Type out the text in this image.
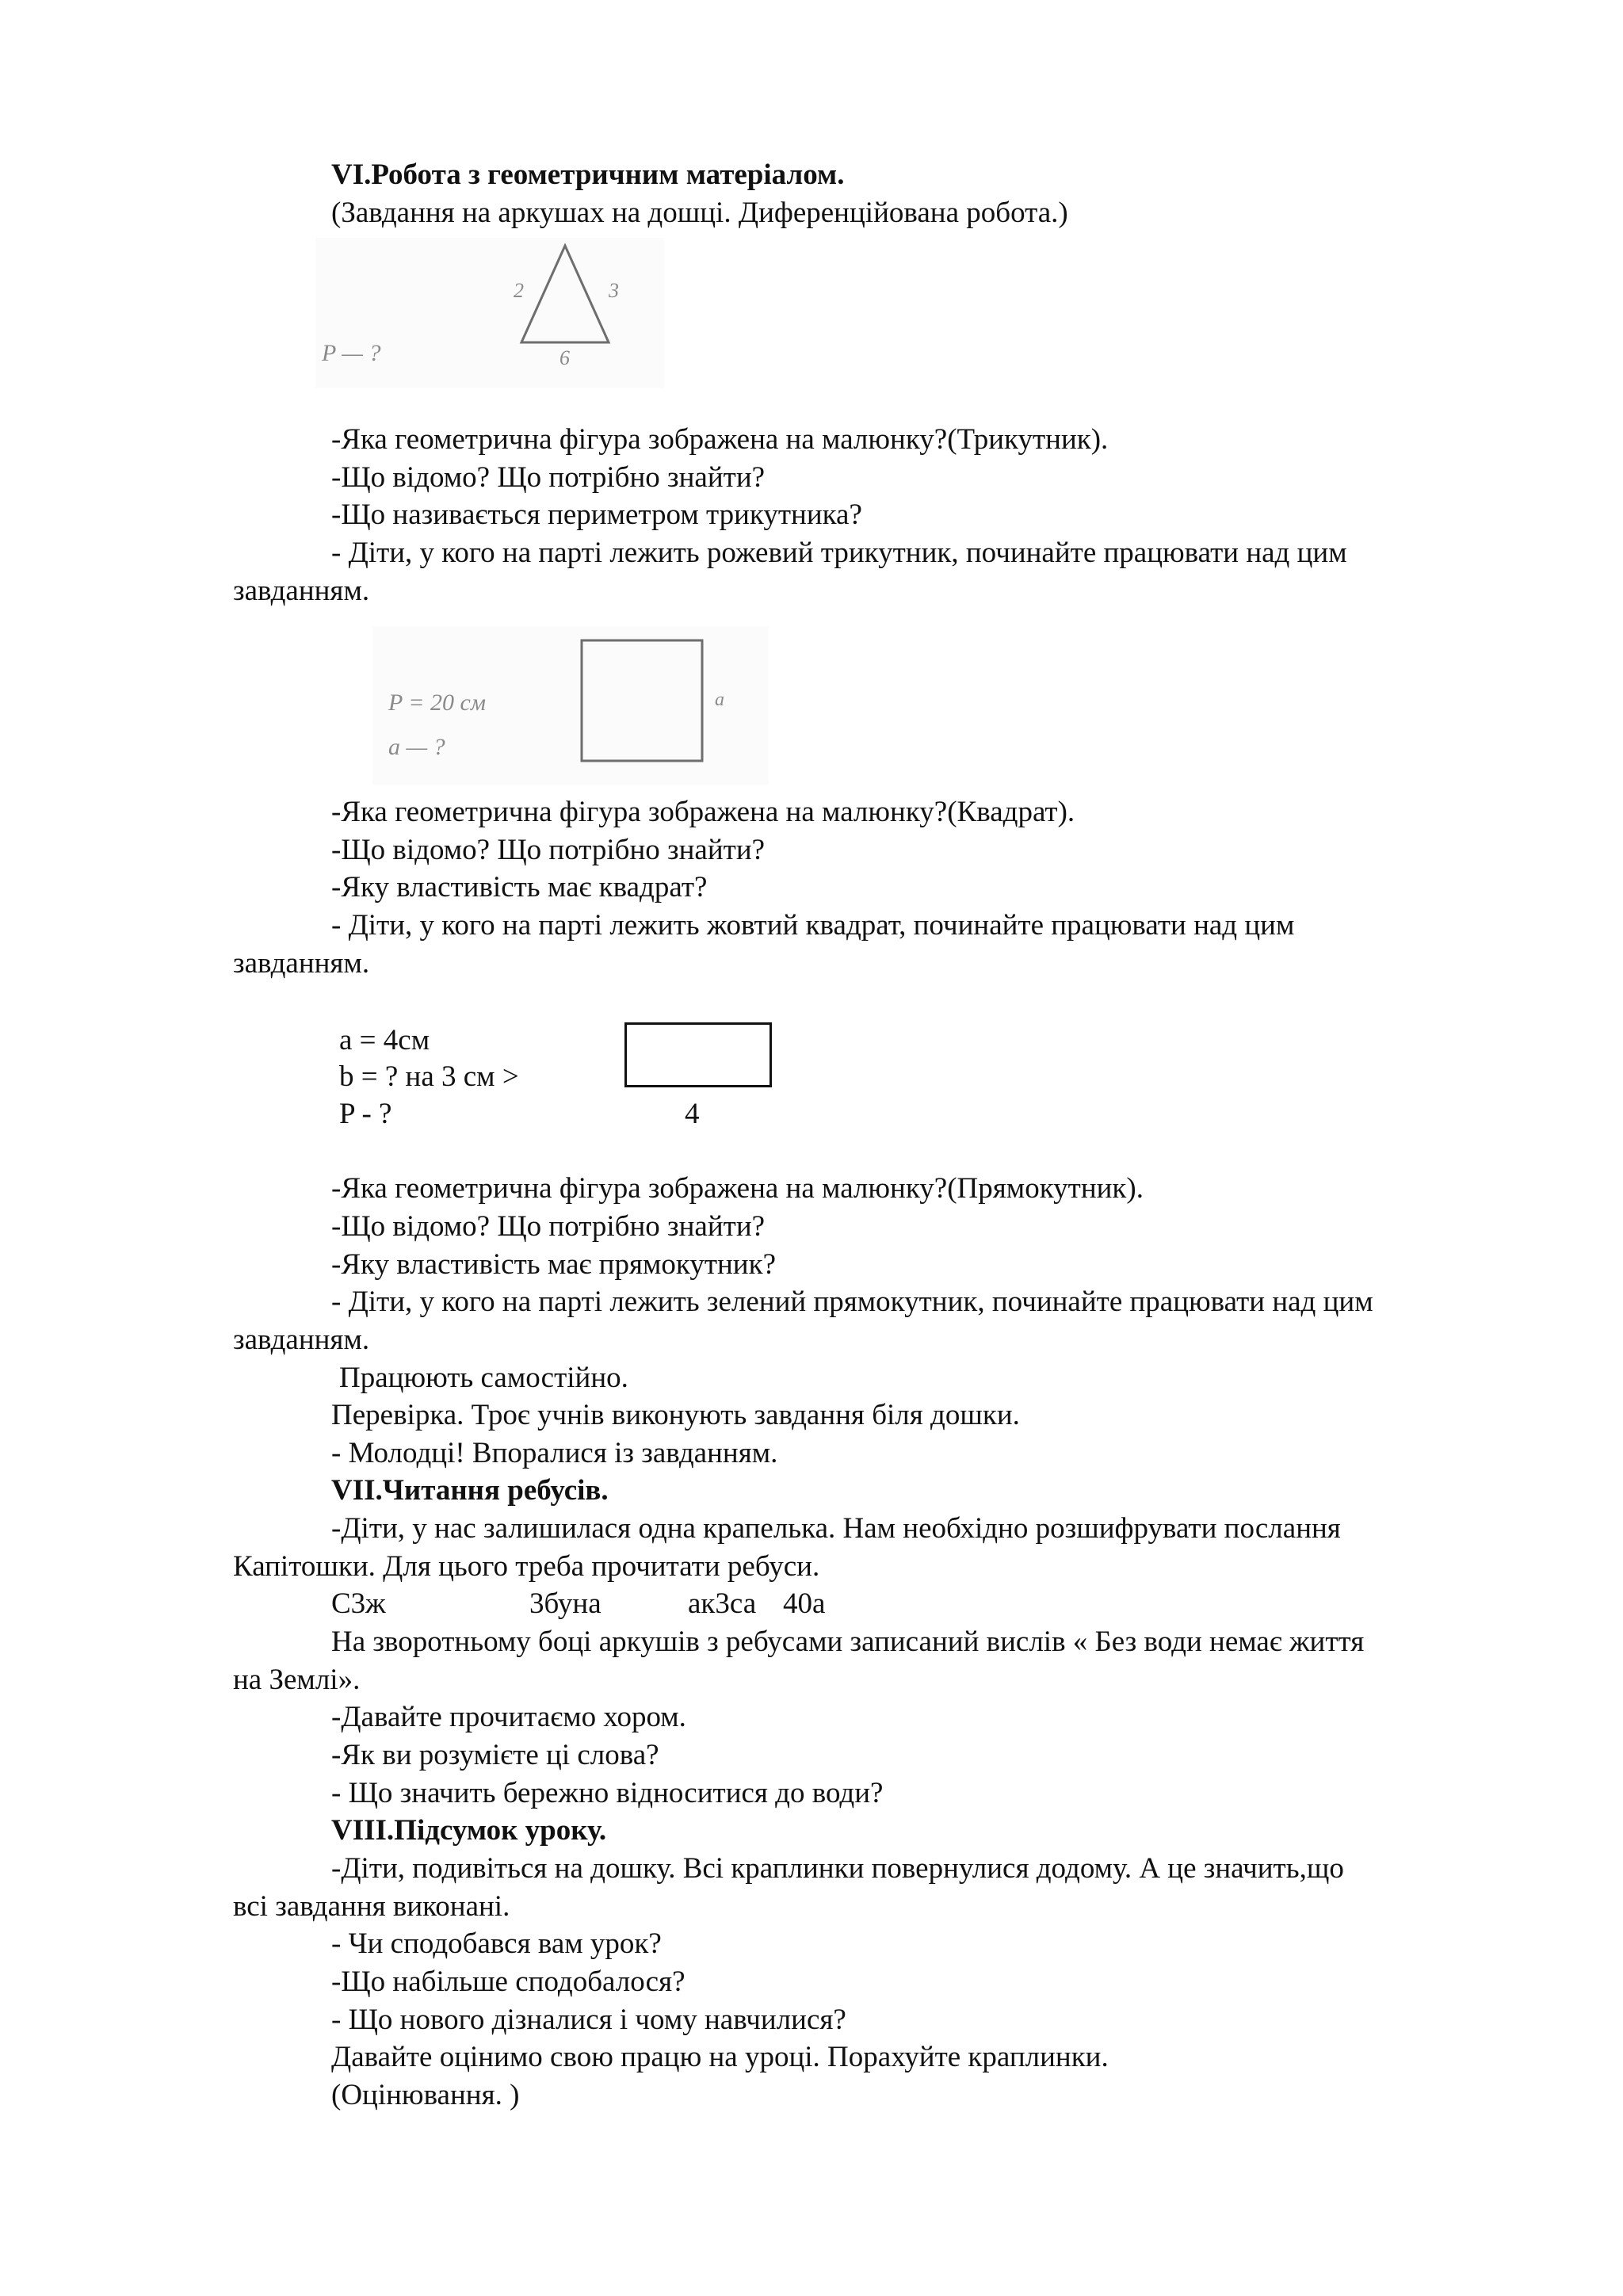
VI.Робота з геометричним матеріалом.
(Завдання на аркушах на дошці. Диференційована робота.)
2	3
6
P — ?
-Яка геометрична фігура зображена на малюнку?(Трикутник).
-Що відомо? Що потрібно знайти?
-Що називається периметром трикутника?
- Діти, у кого на парті лежить рожевий трикутник, починайте працювати над цим
завданням.
P = 20 см
a — ?
a
-Яка геометрична фігура зображена на малюнку?(Квадрат).
-Що відомо? Що потрібно знайти?
-Яку властивість має квадрат?
- Діти, у кого на парті лежить жовтий квадрат, починайте працювати над цим
завданням.
a = 4см
b = ? на 3 см >
P - ?	4
-Яка геометрична фігура зображена на малюнку?(Прямокутник).
-Що відомо? Що потрібно знайти?
-Яку властивість має прямокутник?
- Діти, у кого на парті лежить зелений прямокутник, починайте працювати над цим
завданням.
Працюють самостійно.
Перевірка. Троє учнів виконують завдання біля дошки.
- Молодці! Впоралися із завданням.
VII.Читання ребусів.
-Діти, у нас залишилася одна крапелька. Нам необхідно розшифрувати послання
Капітошки. Для цього треба прочитати ребуси.
С3ж	3буна	ак3са 40а
На зворотньому боці аркушів з ребусами записаний вислів « Без води немає життя
на Землі».
-Давайте прочитаємо хором.
-Як ви розумієте ці слова?
- Що значить бережно відноситися до води?
VIII.Підсумок уроку.
-Діти, подивіться на дошку. Всі краплинки повернулися додому. А це значить,що
всі завдання виконані.
- Чи сподобався вам урок?
-Що набільше сподобалося?
- Що нового дізналися і чому навчилися?
Давайте оцінимо свою працю на уроці. Порахуйте краплинки.
(Оцінювання. )
